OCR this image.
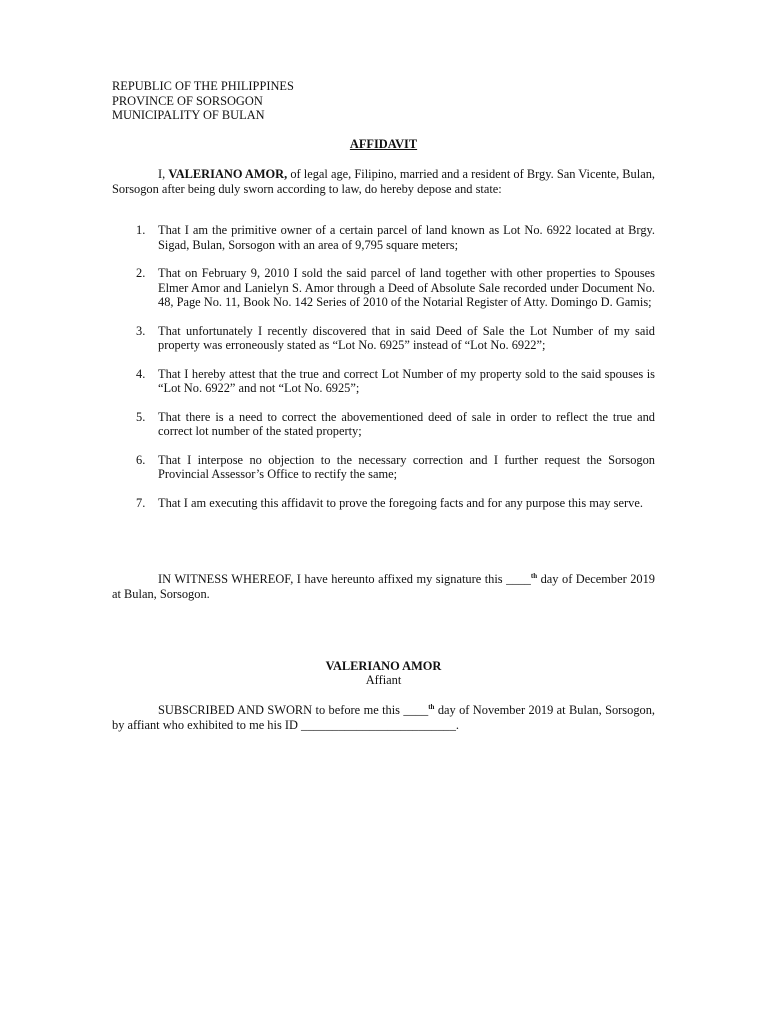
REPUBLIC OF THE PHILIPPINES
PROVINCE OF SORSOGON
MUNICIPALITY OF BULAN
AFFIDAVIT
I, VALERIANO AMOR, of legal age, Filipino, married and a resident of Brgy. San Vicente, Bulan, Sorsogon after being duly sworn according to law, do hereby depose and state:
1. That I am the primitive owner of a certain parcel of land known as Lot No. 6922 located at Brgy. Sigad, Bulan, Sorsogon with an area of 9,795 square meters;
2. That on February 9, 2010 I sold the said parcel of land together with other properties to Spouses Elmer Amor and Lanielyn S. Amor through a Deed of Absolute Sale recorded under Document No. 48, Page No. 11, Book No. 142 Series of 2010 of the Notarial Register of Atty. Domingo D. Gamis;
3. That unfortunately I recently discovered that in said Deed of Sale the Lot Number of my said property was erroneously stated as “Lot No. 6925” instead of “Lot No. 6922”;
4. That I hereby attest that the true and correct Lot Number of my property sold to the said spouses is “Lot No. 6922” and not “Lot No. 6925”;
5. That there is a need to correct the abovementioned deed of sale in order to reflect the true and correct lot number of the stated property;
6. That I interpose no objection to the necessary correction and I further request the Sorsogon Provincial Assessor’s Office to rectify the same;
7. That I am executing this affidavit to prove the foregoing facts and for any purpose this may serve.
IN WITNESS WHEREOF, I have hereunto affixed my signature this ____$^{th}$ day of December 2019 at Bulan, Sorsogon.
VALERIANO AMOR
Affiant
SUBSCRIBED AND SWORN to before me this ____$^{th}$ day of November 2019 at Bulan, Sorsogon, by affiant who exhibited to me his ID _________________________.
